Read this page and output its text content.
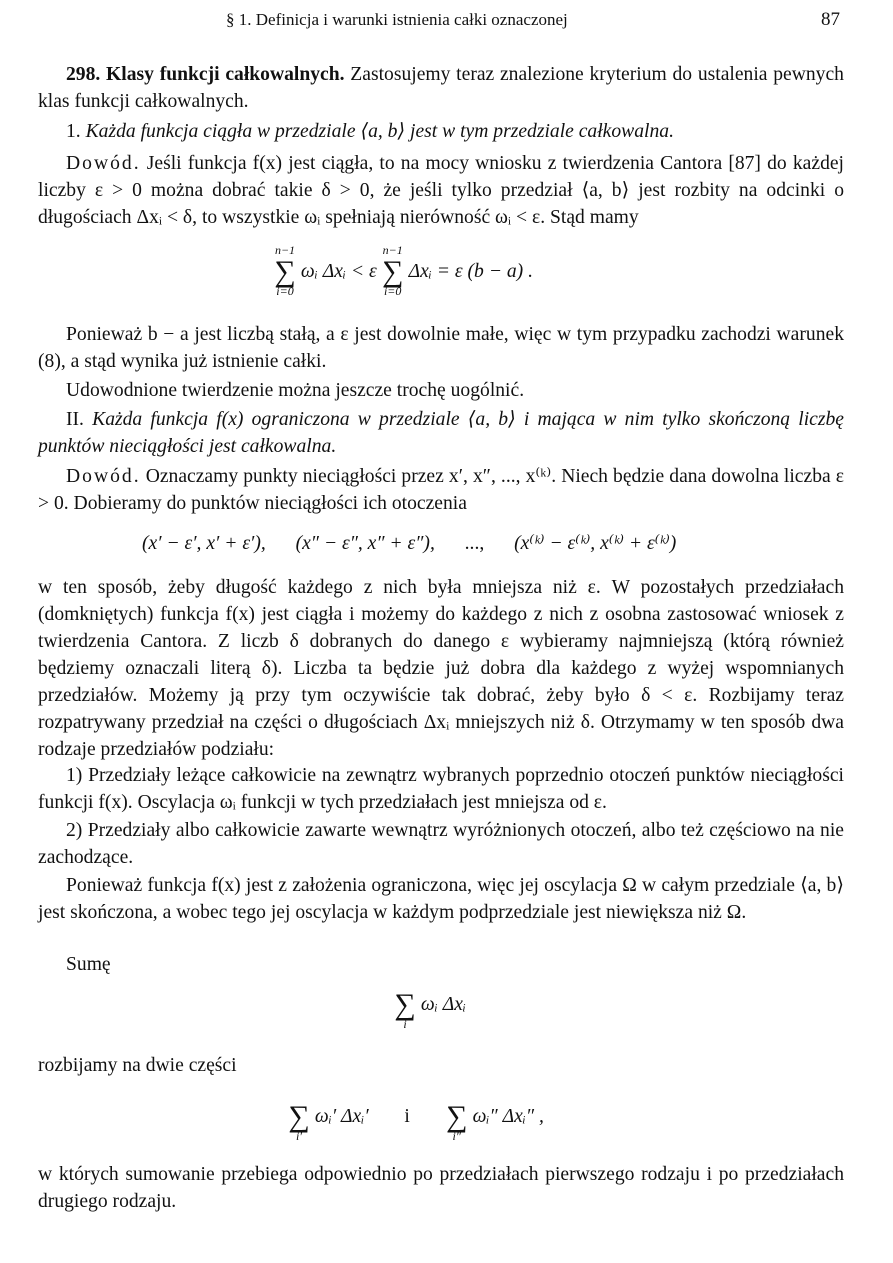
§ 1. Definicja i warunki istnienia całki oznaczonej	87

298. Klasy funkcji całkowalnych. Zastosujemy teraz znalezione kryterium do ustalenia pewnych klas funkcji całkowalnych.

1. Każda funkcja ciągła w przedziale ⟨a, b⟩ jest w tym przedziale całkowalna.

Dowód. Jeśli funkcja f(x) jest ciągła, to na mocy wniosku z twierdzenia Cantora [87] do każdej liczby ε > 0 można dobrać takie δ > 0, że jeśli tylko przedział ⟨a, b⟩ jest rozbity na odcinki o długościach Δxᵢ < δ, to wszystkie ωᵢ spełniają nierówność ωᵢ < ε. Stąd mamy

∑
n−1
i=0
ωᵢ Δxᵢ < ε ∑
n−1
i=0
Δxᵢ = ε (b − a) .

Ponieważ b − a jest liczbą stałą, a ε jest dowolnie małe, więc w tym przypadku zachodzi warunek (8), a stąd wynika już istnienie całki.

Udowodnione twierdzenie można jeszcze trochę uogólnić.

II. Każda funkcja f(x) ograniczona w przedziale ⟨a, b⟩ i mająca w nim tylko skończoną liczbę punktów nieciągłości jest całkowalna.

Dowód. Oznaczamy punkty nieciągłości przez x′, x″, ..., x⁽ᵏ⁾. Niech będzie dana dowolna liczba ε > 0. Dobieramy do punktów nieciągłości ich otoczenia

(x′ − ε′, x′ + ε′), (x″ − ε″, x″ + ε″), ..., (x⁽ᵏ⁾ − ε⁽ᵏ⁾, x⁽ᵏ⁾ + ε⁽ᵏ⁾)

w ten sposób, żeby długość każdego z nich była mniejsza niż ε. W pozostałych przedziałach (domkniętych) funkcja f(x) jest ciągła i możemy do każdego z nich z osobna zastosować wniosek z twierdzenia Cantora. Z liczb δ dobranych do danego ε wybieramy najmniejszą (którą również będziemy oznaczali literą δ). Liczba ta będzie już dobra dla każdego z wyżej wspomnianych przedziałów. Możemy ją przy tym oczywiście tak dobrać, żeby było δ < ε. Rozbijamy teraz rozpatrywany przedział na części o długościach Δxᵢ mniejszych niż δ. Otrzymamy w ten sposób dwa rodzaje przedziałów podziału:

1) Przedziały leżące całkowicie na zewnątrz wybranych poprzednio otoczeń punktów nieciągłości funkcji f(x). Oscylacja ωᵢ funkcji w tych przedziałach jest mniejsza od ε.

2) Przedziały albo całkowicie zawarte wewnątrz wyróżnionych otoczeń, albo też częściowo na nie zachodzące.

Ponieważ funkcja f(x) jest z założenia ograniczona, więc jej oscylacja Ω w całym przedziale ⟨a, b⟩ jest skończona, a wobec tego jej oscylacja w każdym podprzedziale jest niewiększa niż Ω.

Sumę

∑
i
ωᵢ Δxᵢ

rozbijamy na dwie części

∑
i′
ωᵢ′ Δxᵢ′ i ∑
i″
ωᵢ″ Δxᵢ″ ,

w których sumowanie przebiega odpowiednio po przedziałach pierwszego rodzaju i po przedziałach drugiego rodzaju.
